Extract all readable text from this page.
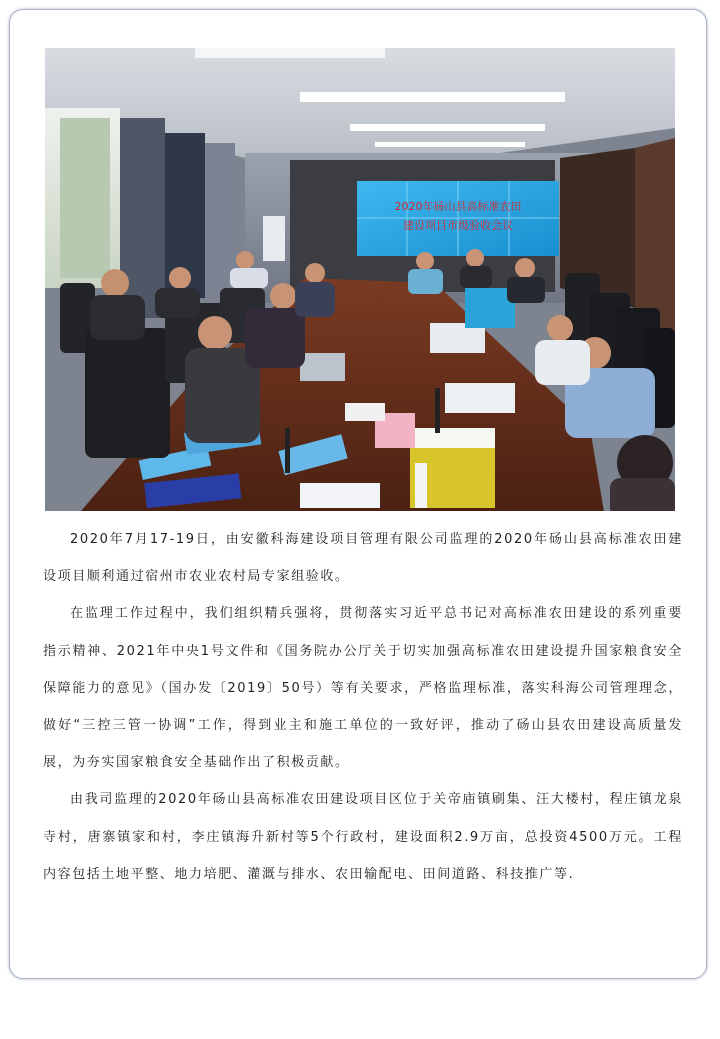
2020年砀山县高标准农田
建设项目市级验收会议

2020年7月17-19日，由安徽科海建设项目管理有限公司监理的2020年砀山县高标准农田建设项目顺利通过宿州市农业农村局专家组验收。

在监理工作过程中，我们组织精兵强将，贯彻落实习近平总书记对高标准农田建设的系列重要指示精神、2021年中央1号文件和《国务院办公厅关于切实加强高标准农田建设提升国家粮食安全保障能力的意见》（国办发〔2019〕50号）等有关要求，严格监理标准，落实科海公司管理理念，做好“三控三管一协调”工作，得到业主和施工单位的一致好评，推动了砀山县农田建设高质量发展，为夯实国家粮食安全基础作出了积极贡献。

由我司监理的2020年砀山县高标准农田建设项目区位于关帝庙镇刷集、汪大楼村，程庄镇龙泉寺村，唐寨镇家和村，李庄镇海升新村等5个行政村，建设面积2.9万亩，总投资4500万元。工程内容包括土地平整、地力培肥、灌溉与排水、农田输配电、田间道路、科技推广等.
